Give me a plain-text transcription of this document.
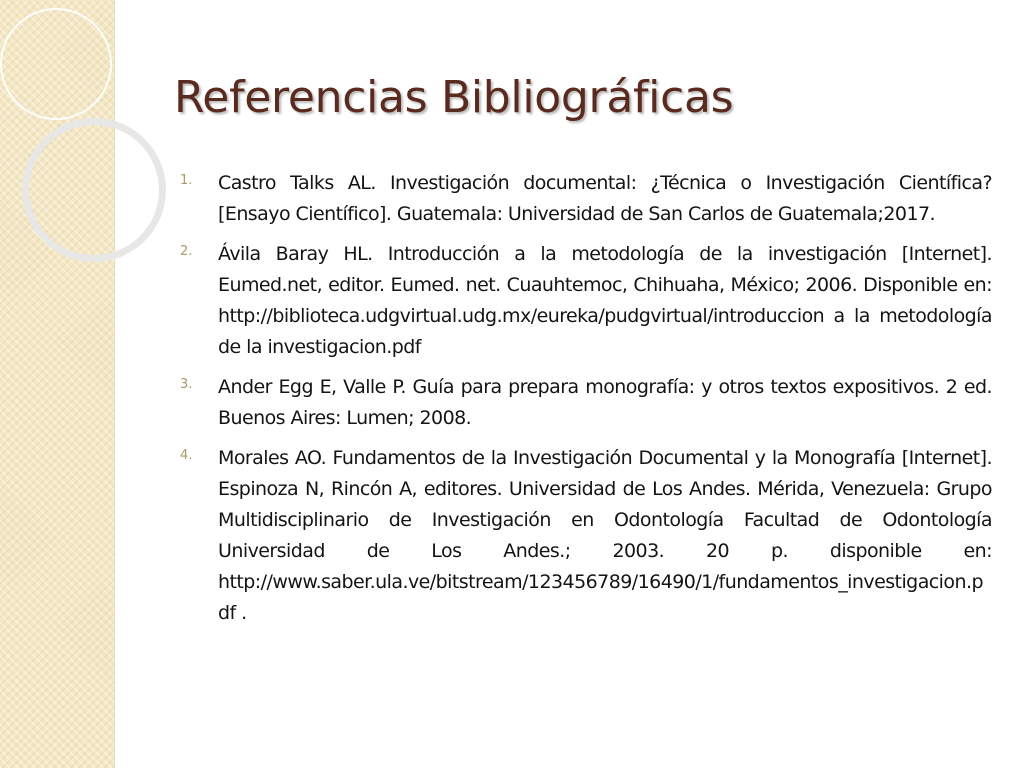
Referencias Bibliográficas
1. Castro Talks AL. Investigación documental: ¿Técnica o Investigación Científica? [Ensayo Científico]. Guatemala: Universidad de San Carlos de Guatemala;2017.
2. Ávila Baray HL. Introducción a la metodología de la investigación [Internet]. Eumed.net, editor. Eumed. net. Cuauhtemoc, Chihuaha, México; 2006. Disponible en: http://biblioteca.udgvirtual.udg.mx/eureka/pudgvirtual/introduccion a la metodología de la investigacion.pdf
3. Ander Egg E, Valle P. Guía para prepara monografía: y otros textos expositivos. 2 ed. Buenos Aires: Lumen; 2008.
4. Morales AO. Fundamentos de la Investigación Documental y la Monografía [Internet]. Espinoza N, Rincón A, editores. Universidad de Los Andes. Mérida, Venezuela: Grupo Multidisciplinario de Investigación en Odontología Facultad de Odontología Universidad de Los Andes.; 2003. 20 p. disponible en: http://www.saber.ula.ve/bitstream/123456789/16490/1/fundamentos_investigacion.pdf .
